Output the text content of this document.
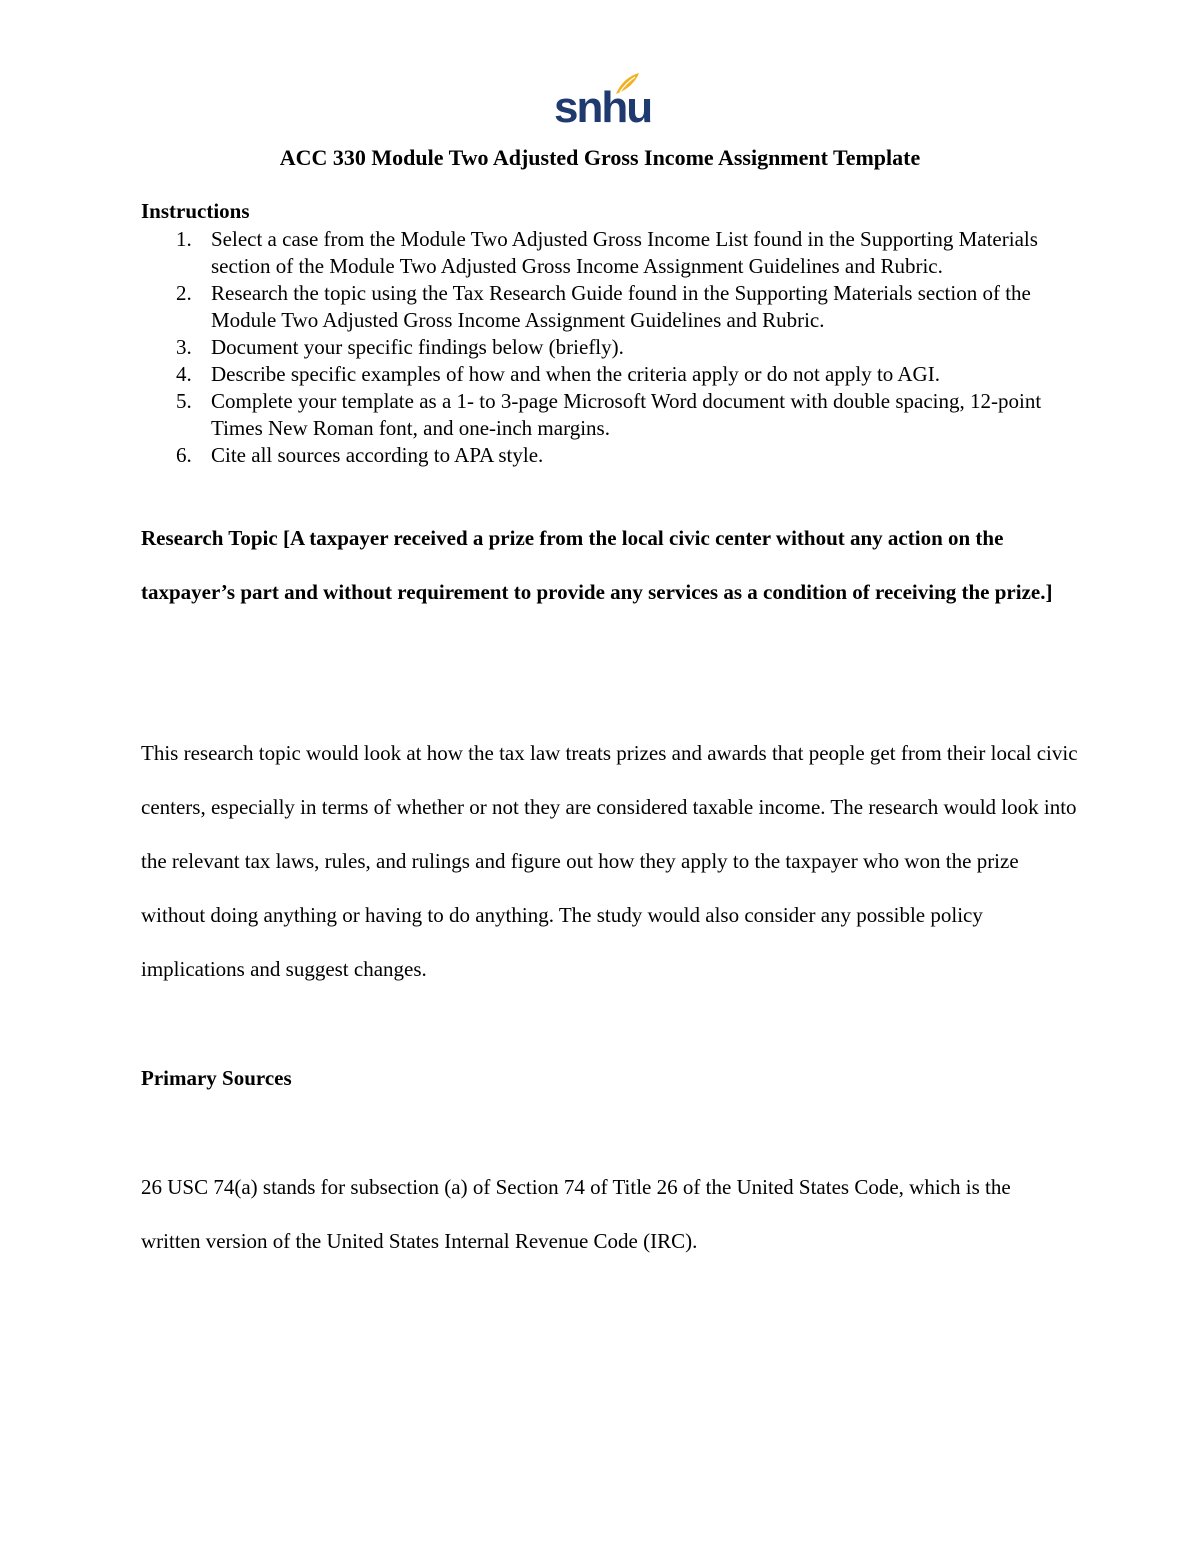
snhu
ACC 330 Module Two Adjusted Gross Income Assignment Template
Instructions
1. Select a case from the Module Two Adjusted Gross Income List found in the Supporting Materials section of the Module Two Adjusted Gross Income Assignment Guidelines and Rubric.
2. Research the topic using the Tax Research Guide found in the Supporting Materials section of the Module Two Adjusted Gross Income Assignment Guidelines and Rubric.
3. Document your specific findings below (briefly).
4. Describe specific examples of how and when the criteria apply or do not apply to AGI.
5. Complete your template as a 1- to 3-page Microsoft Word document with double spacing, 12-point Times New Roman font, and one-inch margins.
6. Cite all sources according to APA style.

Research Topic [A taxpayer received a prize from the local civic center without any action on the taxpayer’s part and without requirement to provide any services as a condition of receiving the prize.]

This research topic would look at how the tax law treats prizes and awards that people get from their local civic centers, especially in terms of whether or not they are considered taxable income. The research would look into the relevant tax laws, rules, and rulings and figure out how they apply to the taxpayer who won the prize without doing anything or having to do anything. The study would also consider any possible policy implications and suggest changes.

Primary Sources

26 USC 74(a) stands for subsection (a) of Section 74 of Title 26 of the United States Code, which is the written version of the United States Internal Revenue Code (IRC).
